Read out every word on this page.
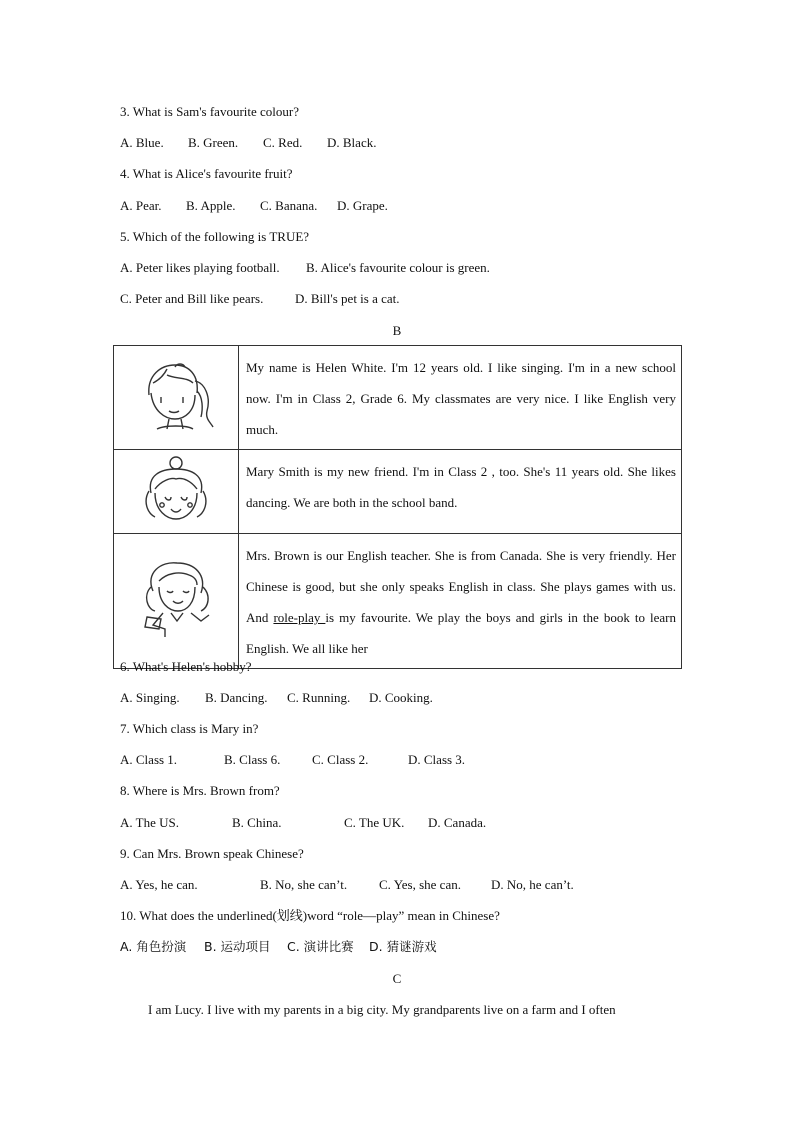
3. What is Sam's favourite colour?
A. Blue. B. Green. C. Red. D. Black.
4. What is Alice's favourite fruit?
A. Pear. B. Apple. C. Banana. D. Grape.
5. Which of the following is TRUE?
A. Peter likes playing football. B. Alice's favourite colour is green.
C. Peter and Bill like pears. D. Bill's pet is a cat.
B
	My name is Helen White. I'm 12 years old. I like singing. I'm in a new school now. I'm in Class 2, Grade 6. My classmates are very nice. I like English very much.

	Mary Smith is my new friend. I'm in Class 2 , too. She's 11 years old. She likes dancing. We are both in the school band.

	Mrs. Brown is our English teacher. She is from Canada. She is very friendly. Her Chinese is good, but she only speaks English in class. She plays games with us. And role-play is my favourite. We play the boys and girls in the book to learn English. We all like her
6. What's Helen's hobby?
A. Singing. B. Dancing. C. Running. D. Cooking.
7. Which class is Mary in?
A. Class 1.	B. Class 6. C. Class 2.	D. Class 3.
8. Where is Mrs. Brown from?
A. The US.	B. China.	C. The UK. D. Canada.
9. Can Mrs. Brown speak Chinese?
A. Yes, he can.	B. No, she can’t. C. Yes, she can. D. No, he can’t.
10. What does the underlined(划线)word “role—play” mean in Chinese?
A. 角色扮演 B. 运动项目 C. 演讲比赛 D. 猜谜游戏
C
I am Lucy. I live with my parents in a big city. My grandparents live on a farm and I often
